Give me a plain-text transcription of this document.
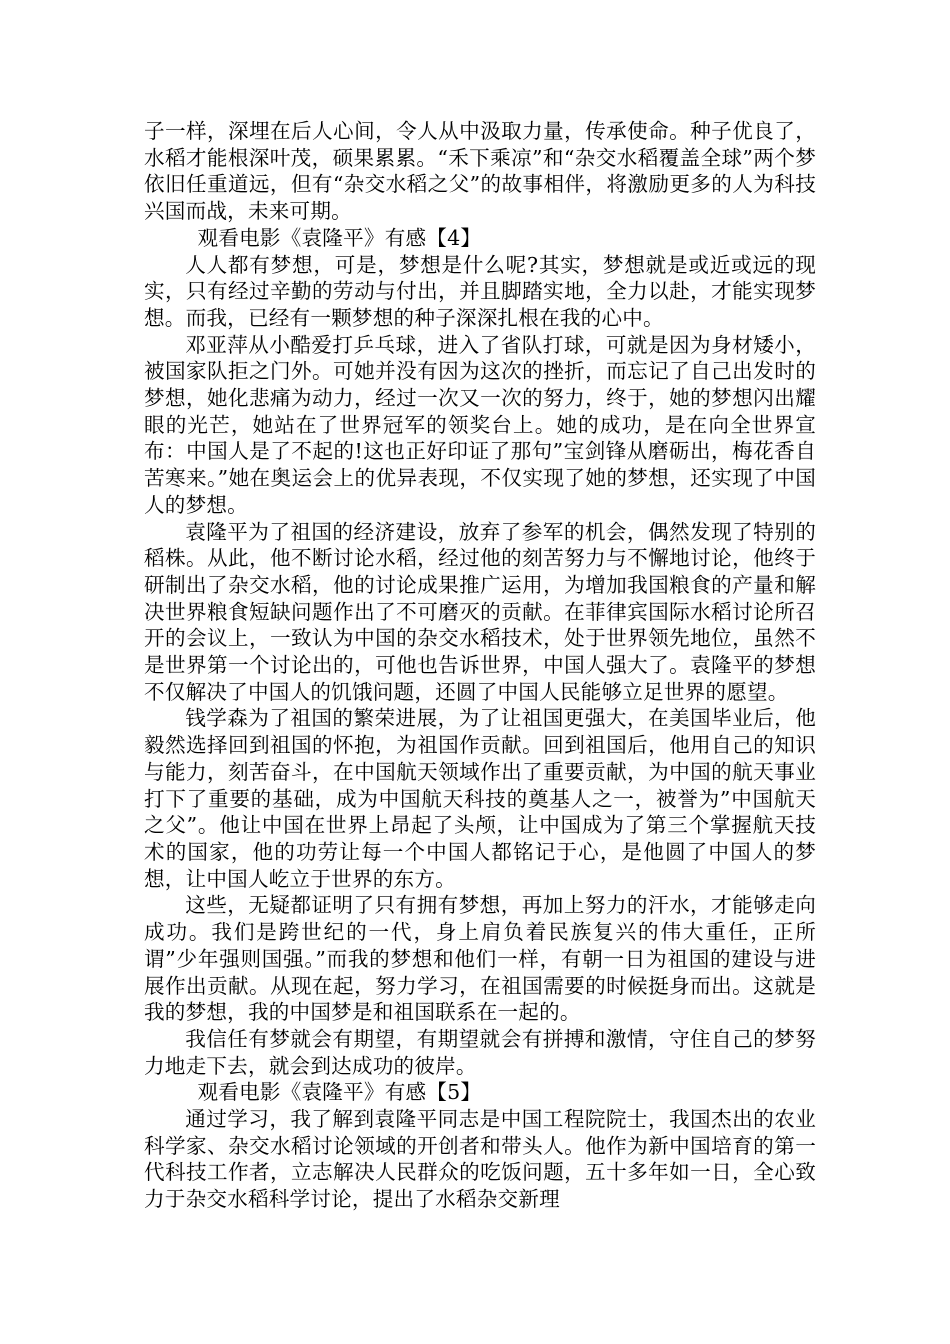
子一样，深埋在后人心间，令人从中汲取力量，传承使命。种子优良了，水稻才能根深叶茂，硕果累累。“禾下乘凉”和“杂交水稻覆盖全球”两个梦依旧任重道远，但有“杂交水稻之父”的故事相伴，将激励更多的人为科技兴国而战，未来可期。

观看电影《袁隆平》有感【4】

人人都有梦想，可是，梦想是什么呢?其实，梦想就是或近或远的现实，只有经过辛勤的劳动与付出，并且脚踏实地，全力以赴，才能实现梦想。而我，已经有一颗梦想的种子深深扎根在我的心中。

邓亚萍从小酷爱打乒乓球，进入了省队打球，可就是因为身材矮小，被国家队拒之门外。可她并没有因为这次的挫折，而忘记了自己出发时的梦想，她化悲痛为动力，经过一次又一次的努力，终于，她的梦想闪出耀眼的光芒，她站在了世界冠军的领奖台上。她的成功，是在向全世界宣布：中国人是了不起的!这也正好印证了那句”宝剑锋从磨砺出，梅花香自苦寒来。”她在奥运会上的优异表现，不仅实现了她的梦想，还实现了中国人的梦想。

袁隆平为了祖国的经济建设，放弃了参军的机会，偶然发现了特别的稻株。从此，他不断讨论水稻，经过他的刻苦努力与不懈地讨论，他终于研制出了杂交水稻，他的讨论成果推广运用，为增加我国粮食的产量和解决世界粮食短缺问题作出了不可磨灭的贡献。在菲律宾国际水稻讨论所召开的会议上，一致认为中国的杂交水稻技术，处于世界领先地位，虽然不是世界第一个讨论出的，可他也告诉世界，中国人强大了。袁隆平的梦想不仅解决了中国人的饥饿问题，还圆了中国人民能够立足世界的愿望。

钱学森为了祖国的繁荣进展，为了让祖国更强大，在美国毕业后，他毅然选择回到祖国的怀抱，为祖国作贡献。回到祖国后，他用自己的知识与能力，刻苦奋斗，在中国航天领域作出了重要贡献，为中国的航天事业打下了重要的基础，成为中国航天科技的奠基人之一，被誉为”中国航天之父”。他让中国在世界上昂起了头颅，让中国成为了第三个掌握航天技术的国家，他的功劳让每一个中国人都铭记于心，是他圆了中国人的梦想，让中国人屹立于世界的东方。

这些，无疑都证明了只有拥有梦想，再加上努力的汗水，才能够走向成功。我们是跨世纪的一代，身上肩负着民族复兴的伟大重任，正所谓”少年强则国强。”而我的梦想和他们一样，有朝一日为祖国的建设与进展作出贡献。从现在起，努力学习，在祖国需要的时候挺身而出。这就是我的梦想，我的中国梦是和祖国联系在一起的。

我信任有梦就会有期望，有期望就会有拼搏和激情，守住自己的梦努力地走下去，就会到达成功的彼岸。

观看电影《袁隆平》有感【5】

通过学习，我了解到袁隆平同志是中国工程院院士，我国杰出的农业科学家、杂交水稻讨论领域的开创者和带头人。他作为新中国培育的第一代科技工作者，立志解决人民群众的吃饭问题，五十多年如一日，全心致力于杂交水稻科学讨论，提出了水稻杂交新理
